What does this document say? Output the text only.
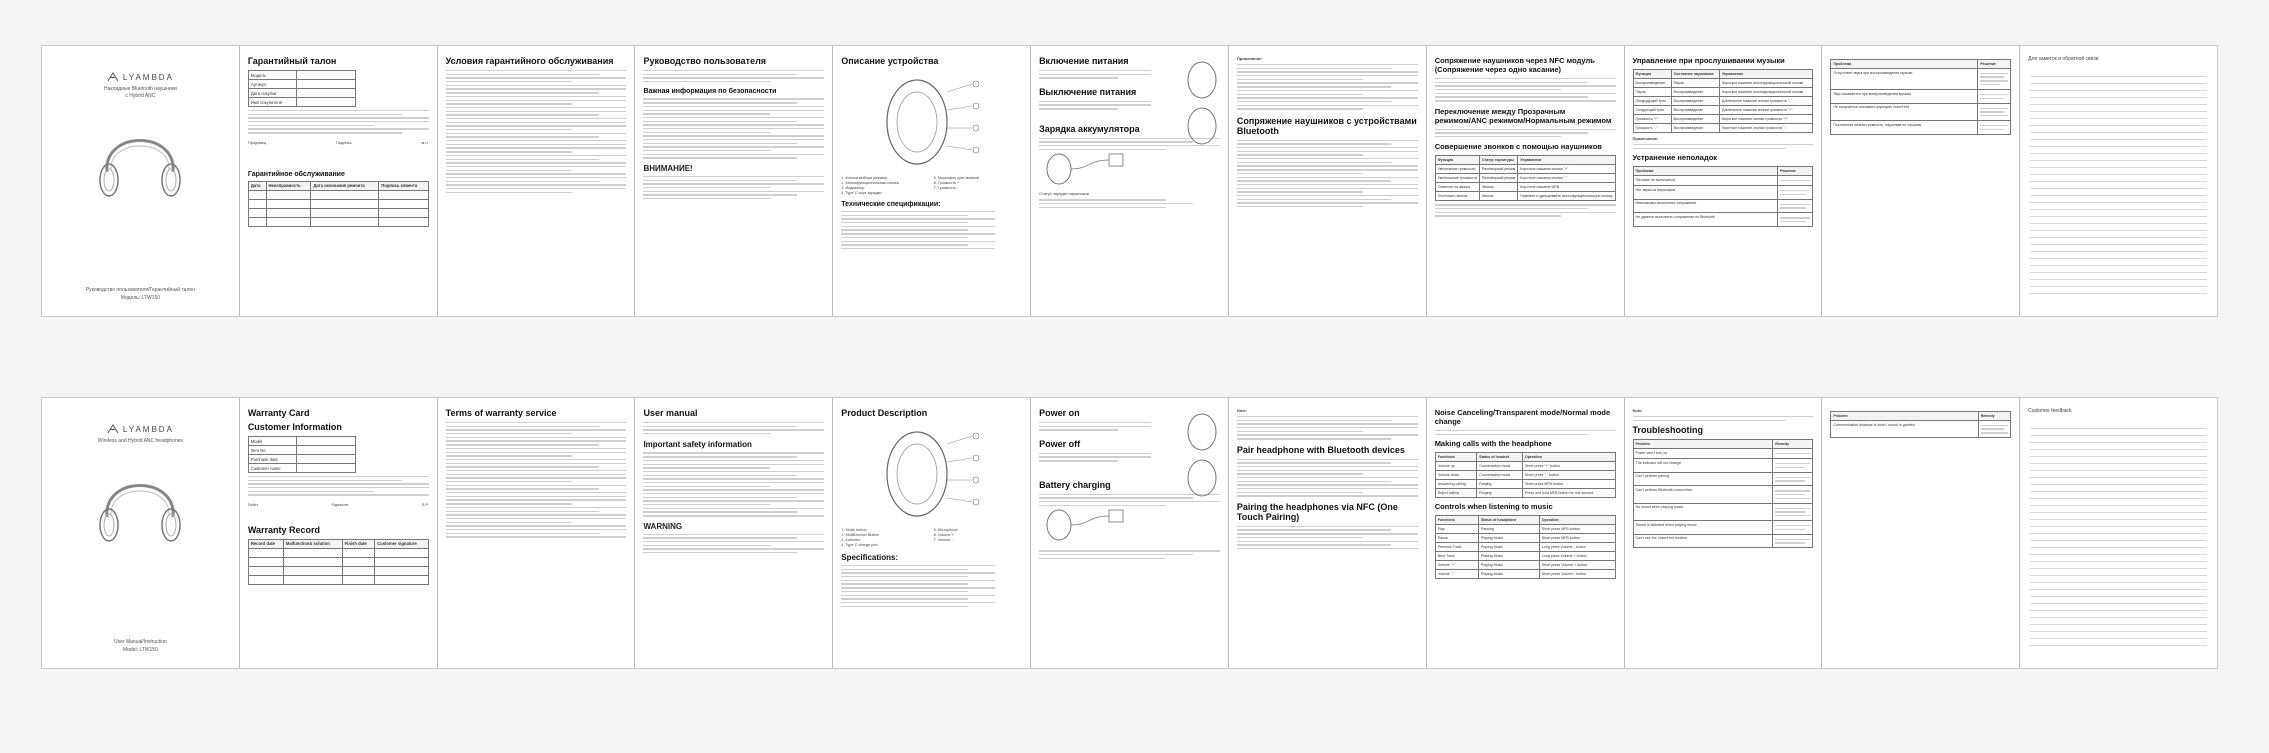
LYAMBDA
Накладные Bluetooth наушники
с Hybrid ANC
Руководство пользователя/Гарантийный талон
Модель: LTW150
Гарантийный талон
Модель	
Артикул	
Дата покупки	
Имя покупателя	
Продавец	Подпись	м.п.
Гарантийное обслуживание
Дата	Неисправность	Дата окончания ремонта	Подпись клиента

Условия гарантийного обслуживания	Руководство пользователя
Важная информация по безопасности
ВНИМАНИЕ!
Описание устройства
1. Кнопка выбора режима	5. Микрофон для звонков
2. Многофункциональная кнопка	6. Громкость +
3. Индикатор	7. Громкость -
4. Type C порт зарядки
Технические спецификации:
Включение питания
Выключение питания
Зарядка аккумулятора
Статус зарядки наушников
Примечание:
Сопряжение наушников с устройствами Bluetooth
Сопряжение наушников через NFC модуль (Сопряжение через одно касание)
Переключение между Прозрачным режимом/ANC режимом/Нормальным режимом
Совершение звонков с помощью наушников
Функция	Статус гарнитуры	Управление
Увеличение громкости	Разговорный режим	Короткое нажатие кнопки "+"
Уменьшение громкости	Разговорный режим	Короткое нажатие кнопки "-"
Ответить на звонок	Звонок	Короткое нажатие MFB
Отклонить звонок	Звонок	Нажмите и удерживайте многофункциональную кнопку
Управление при прослушивании музыки
Функция	Состояние наушников	Управление
Воспроизведение	Пауза	Короткое нажатие многофункциональной кнопки
Пауза	Воспроизведение	Короткое нажатие многофункциональной кнопки
Предыдущий трек	Воспроизведение	Длительное нажатие кнопки громкости "-"
Следующий трек	Воспроизведение	Длительное нажатие кнопки громкости "+"
Громкость "+"	Воспроизведение	Короткое нажатие кнопки громкости "+"
Громкость "-"	Воспроизведение	Короткое нажатие кнопки громкости "-"
Примечание:
Устранение неполадок
Проблема	Решение
Питание не включается	

Нет звука из наушников	

Невозможно выполнить сопряжение	

Не удается выполнить сопряжение по Bluetooth	
Проблема	Решение
Отсутствие звука при воспроизведении музыки	

Звук искажается при воспроизведении музыки	

Не получается поставить функцию Voice/Hint	

Постоянная низкая громкость, наушники не слышны	
Для заметок и обратной связи
LYAMBDA
Wireless and Hybrid ANC headphones
User Manual/Instruction
Model: LTW150
Warranty Card
Customer Information
Model	
Item No.	
Purchase date	
Customer name	
Seller	Signature	S.P.
Warranty Record
Record date	Malfunction& solution	Finish date	Customer signature

Terms of warranty service	User manual
Important safety information
WARNING
Product Description
1. Mode button	5. Microphone
2. Multifunction Button	6. Volume +
3. Indicator	7. Volume -
4. Type C charge port
Specifications:
Power on
Power off
Battery charging
Note:
Pair headphone with Bluetooth devices
Pairing the headphones via NFC (One Touch Pairing)
Noise Canceling/Transparent mode/Normal mode change
Making calls with the headphone
Functions	Status of headset	Operation
Volume up	Conversation mode	Short press "+" button
Volume down	Conversation mode	Short press "-" button
Answering calling	Ringing	Short press MFB button
Reject calling	Ringing	Press and hold MFB button for one second
Controls when listening to music
Functions	Status of headphone	Operation
Play	Pausing	Short press MFB button
Pause	Playing Music	Short press MFB button
Previous Track	Playing Music	Long press Volume - button
Next Track	Playing Music	Long press Volume + button
Volume "+"	Playing Music	Short press Volume + button
Volume "-"	Playing Music	Short press Volume - button
Note:
Troubleshooting
Problem	Remedy
Power won't turn on	

The indicator will not change	

Can't perform pairing	

Can't perform Bluetooth connection	

No sound when playing music	

Sound is distorted when playing music	

Can't use the Voice/Hint function	
Problem	Remedy
Communication distance is short / sound is garbled	
Customer feedback
